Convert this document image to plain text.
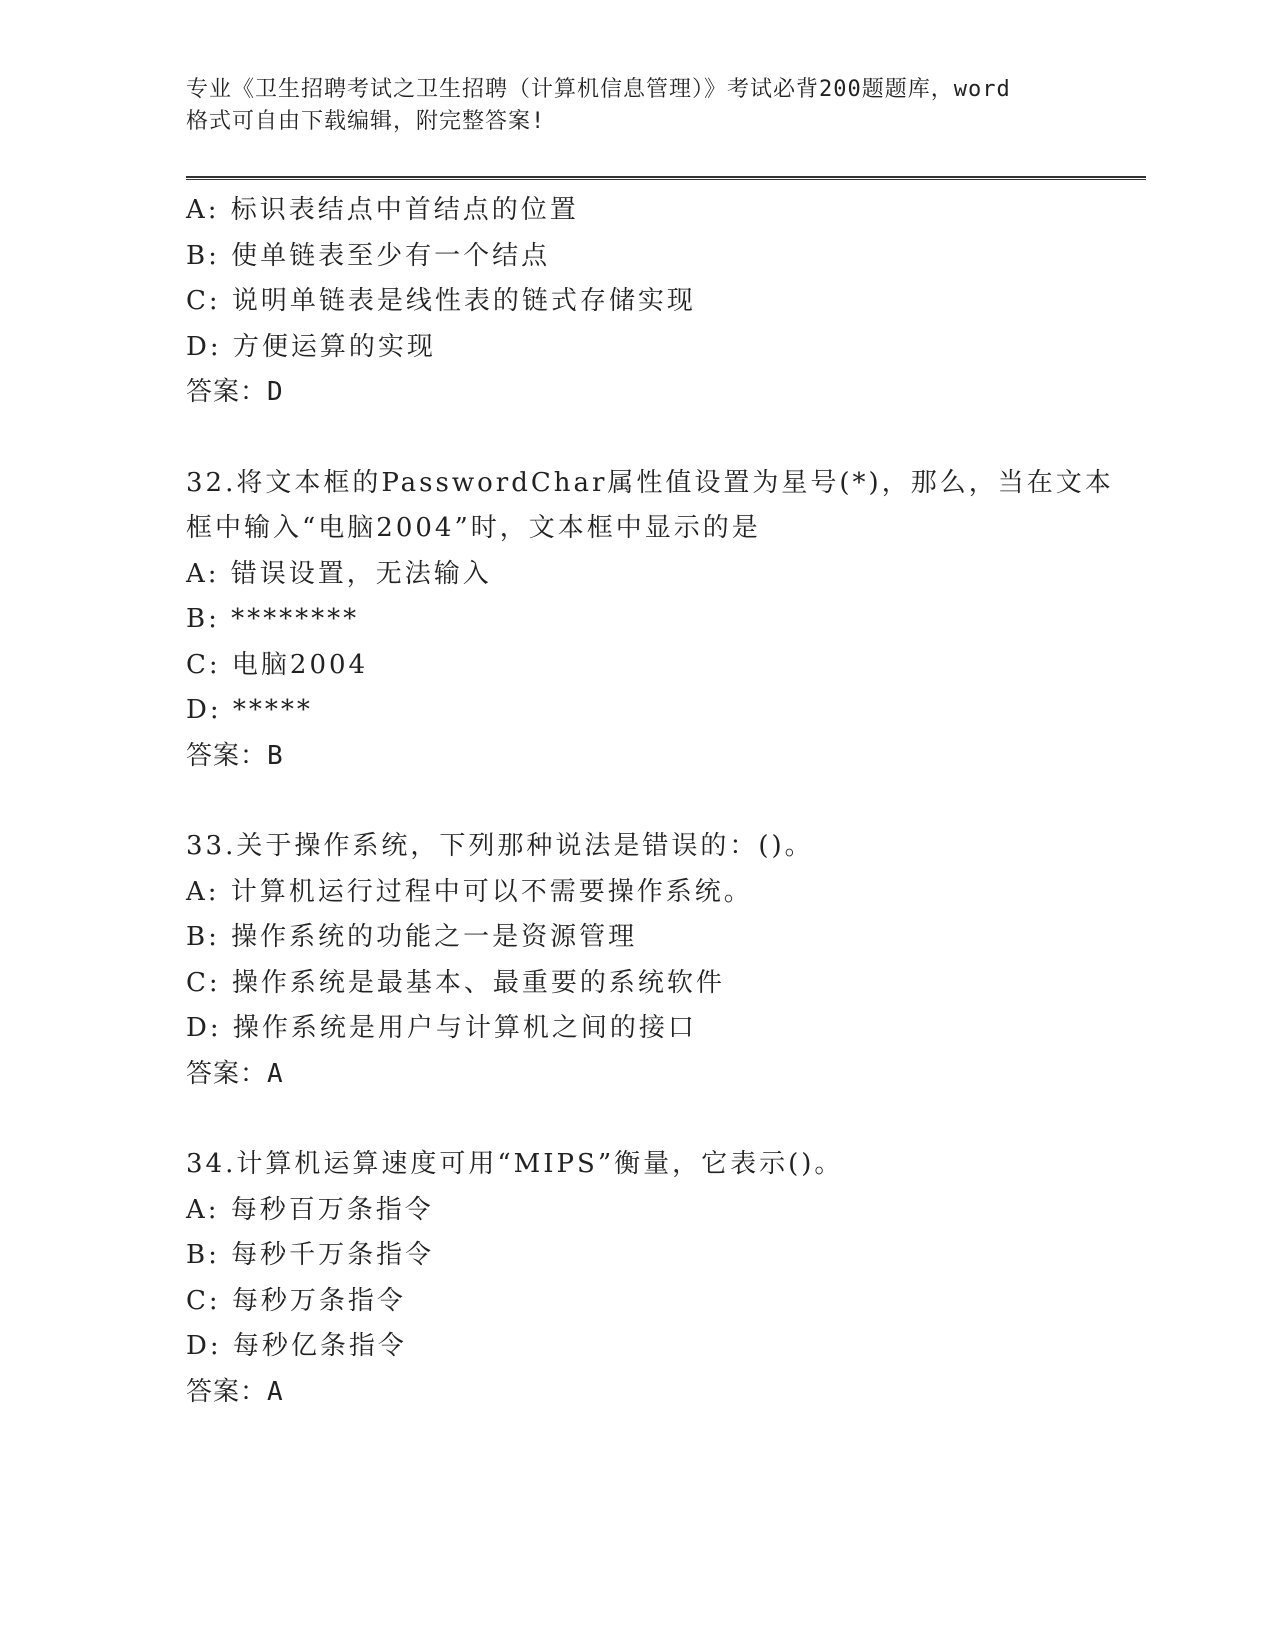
专业《卫生招聘考试之卫生招聘（计算机信息管理）》考试必背200题题库，word
格式可自由下载编辑，附完整答案!
A: 标识表结点中首结点的位置
B: 使单链表至少有一个结点
C: 说明单链表是线性表的链式存储实现
D: 方便运算的实现
答案：D
32.将文本框的PasswordChar属性值设置为星号(*)，那么，当在文本
框中输入“电脑2004”时，文本框中显示的是
A: 错误设置，无法输入
B: ********
C: 电脑2004
D: *****
答案：B
33.关于操作系统，下列那种说法是错误的：()。
A: 计算机运行过程中可以不需要操作系统。
B: 操作系统的功能之一是资源管理
C: 操作系统是最基本、最重要的系统软件
D: 操作系统是用户与计算机之间的接口
答案：A
34.计算机运算速度可用“MIPS”衡量，它表示()。
A: 每秒百万条指令
B: 每秒千万条指令
C: 每秒万条指令
D: 每秒亿条指令
答案：A
